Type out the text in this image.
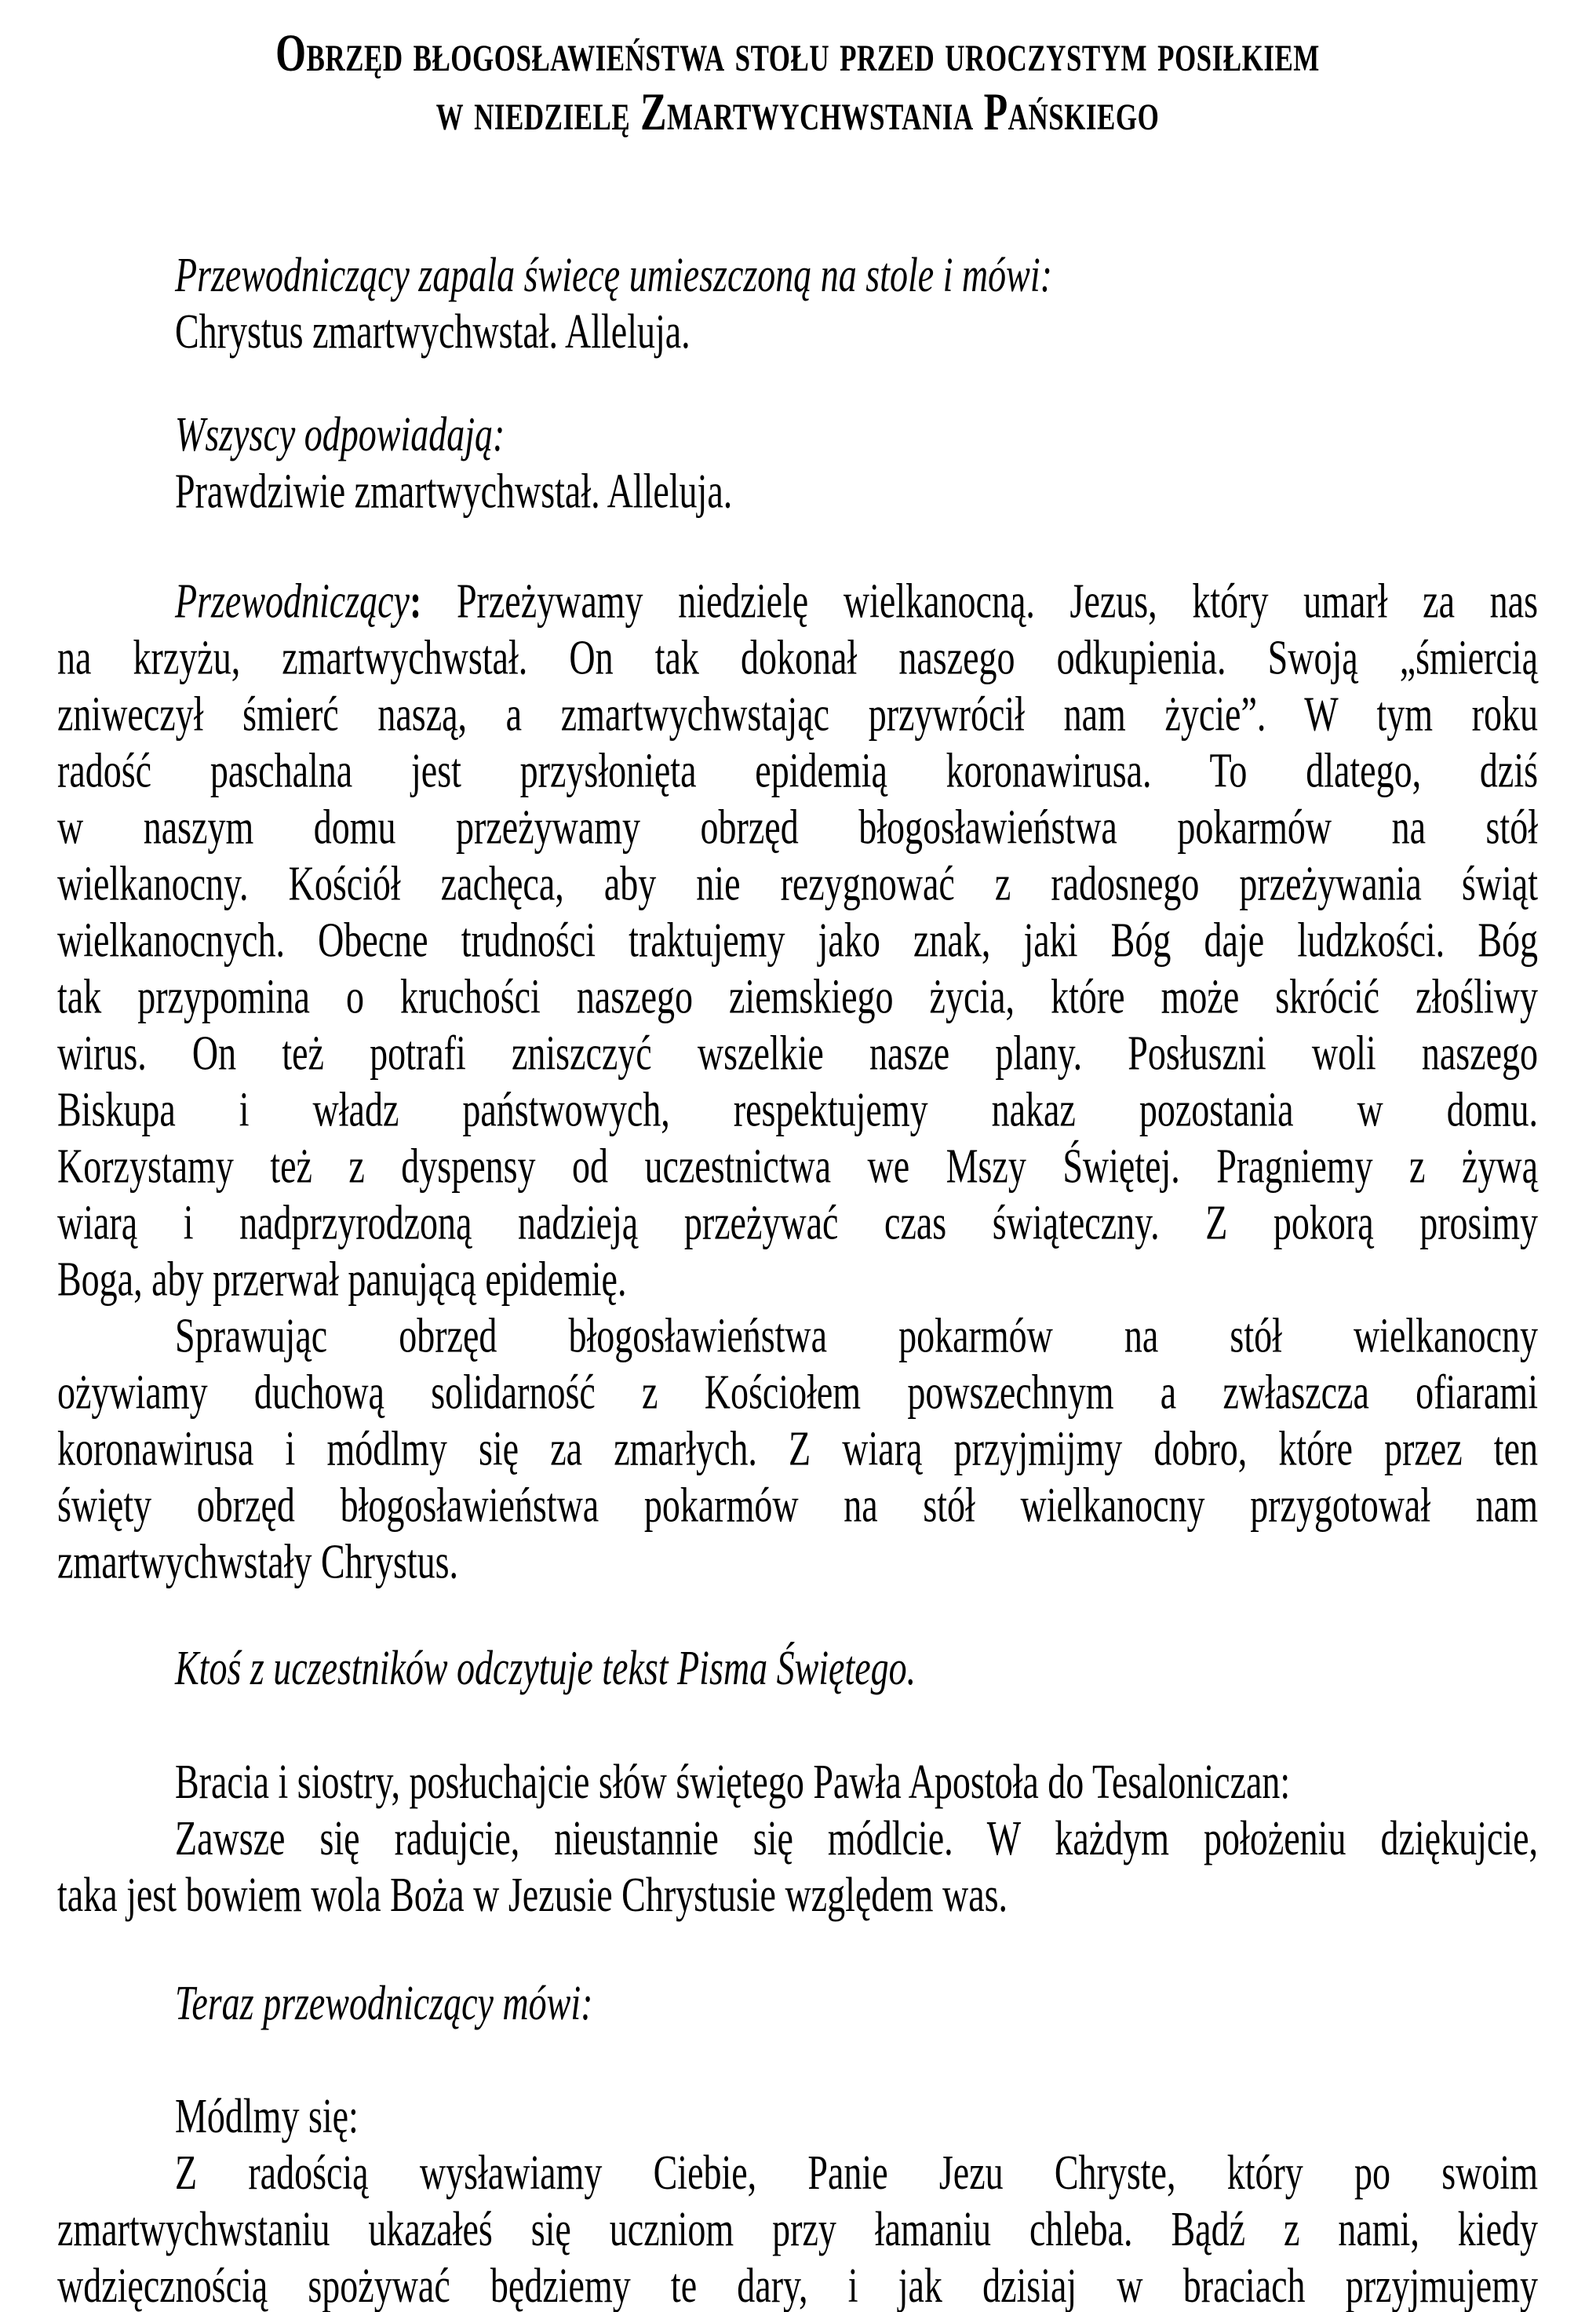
Obrzęd błogosławieństwa stołu przed uroczystym posiłkiem
w niedzielę Zmartwychwstania Pańskiego
Przewodniczący zapala świecę umieszczoną na stole i mówi:
Chrystus zmartwychwstał. Alleluja.
Wszyscy odpowiadają:
Prawdziwie zmartwychwstał. Alleluja.
Przewodniczący: Przeżywamy niedzielę wielkanocną. Jezus, który umarł za nas
na krzyżu, zmartwychwstał. On tak dokonał naszego odkupienia. Swoją „śmiercią
zniweczył śmierć naszą, a zmartwychwstając przywrócił nam życie”. W tym roku
radość paschalna jest przysłonięta epidemią koronawirusa. To dlatego, dziś
w naszym domu przeżywamy obrzęd błogosławieństwa pokarmów na stół
wielkanocny. Kościół zachęca, aby nie rezygnować z radosnego przeżywania świąt
wielkanocnych. Obecne trudności traktujemy jako znak, jaki Bóg daje ludzkości. Bóg
tak przypomina o kruchości naszego ziemskiego życia, które może skrócić złośliwy
wirus. On też potrafi zniszczyć wszelkie nasze plany. Posłuszni woli naszego
Biskupa i władz państwowych, respektujemy nakaz pozostania w domu.
Korzystamy też z dyspensy od uczestnictwa we Mszy Świętej. Pragniemy z żywą
wiarą i nadprzyrodzoną nadzieją przeżywać czas świąteczny. Z pokorą prosimy
Boga, aby przerwał panującą epidemię.
Sprawując obrzęd błogosławieństwa pokarmów na stół wielkanocny
ożywiamy duchową solidarność z Kościołem powszechnym a zwłaszcza ofiarami
koronawirusa i módlmy się za zmarłych. Z wiarą przyjmijmy dobro, które przez ten
święty obrzęd błogosławieństwa pokarmów na stół wielkanocny przygotował nam
zmartwychwstały Chrystus.
Ktoś z uczestników odczytuje tekst Pisma Świętego.
Bracia i siostry, posłuchajcie słów świętego Pawła Apostoła do Tesaloniczan:
Zawsze się radujcie, nieustannie się módlcie. W każdym położeniu dziękujcie,
taka jest bowiem wola Boża w Jezusie Chrystusie względem was.
Teraz przewodniczący mówi:
Módlmy się:
Z radością wysławiamy Ciebie, Panie Jezu Chryste, który po swoim
zmartwychwstaniu ukazałeś się uczniom przy łamaniu chleba. Bądź z nami, kiedy
wdzięcznością spożywać będziemy te dary, i jak dzisiaj w braciach przyjmujemy
